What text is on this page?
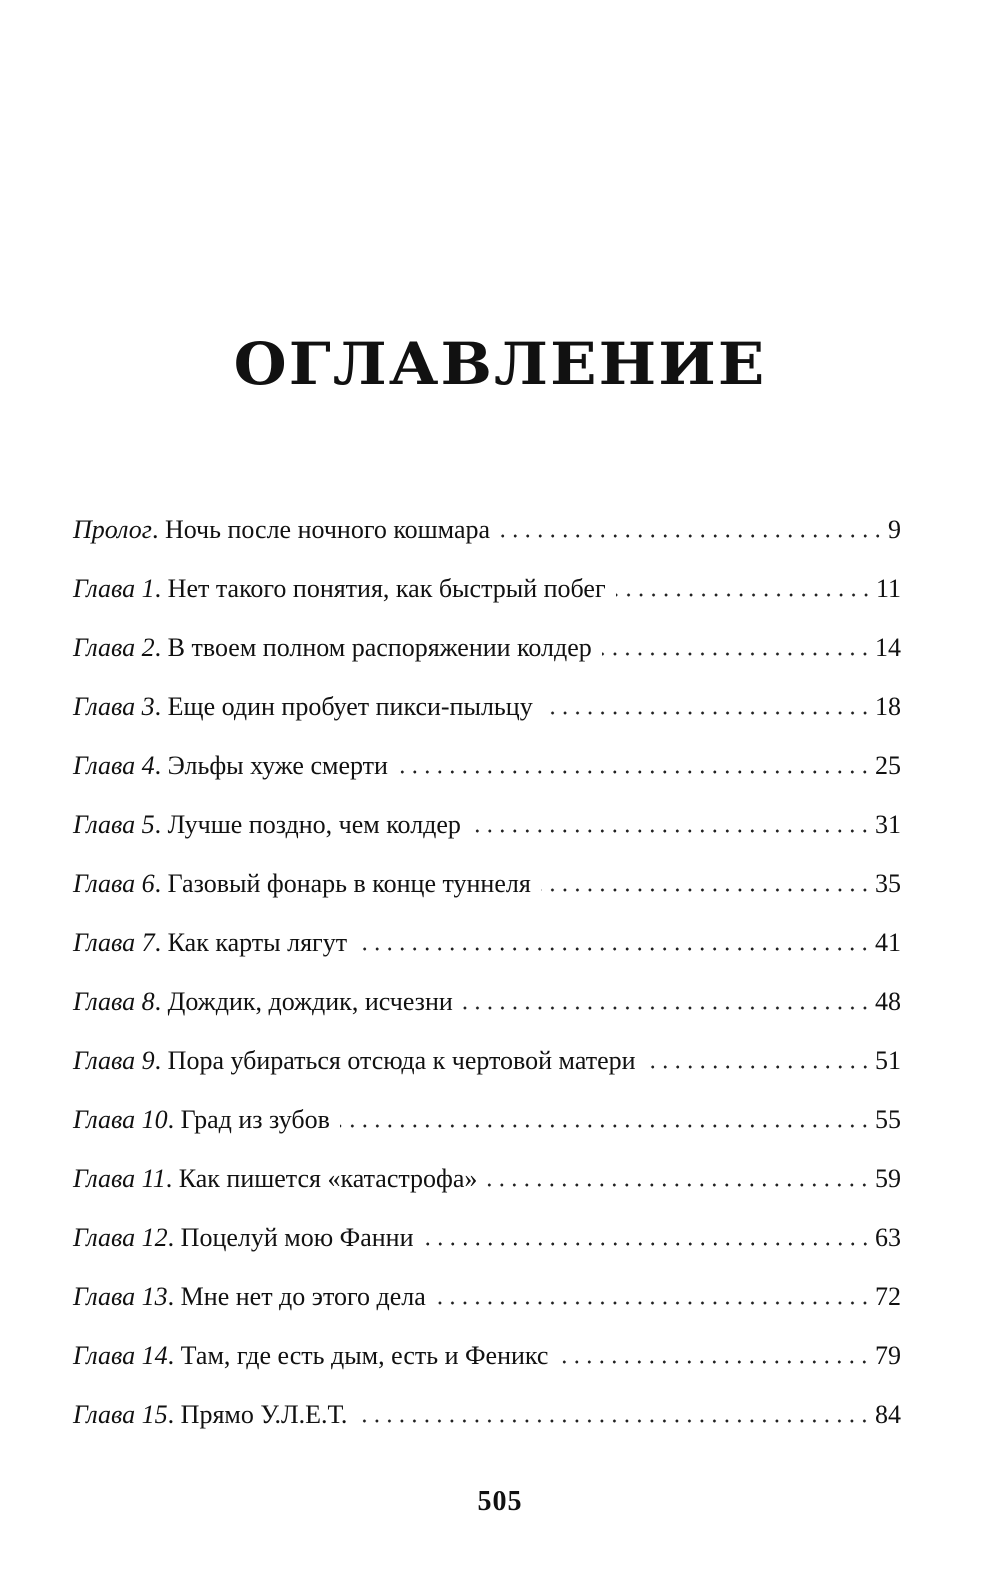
ОГЛАВЛЕНИЕ
Пролог . Ночь после ночного кошмара	9
Глава 1 . Нет такого понятия, как быстрый побег	11
Глава 2 . В твоем полном распоряжении колдер	14
Глава 3 . Еще один пробует пикси-пыльцу	18
Глава 4 . Эльфы хуже смерти	25
Глава 5 . Лучше поздно, чем колдер	31
Глава 6 . Газовый фонарь в конце туннеля	35
Глава 7 . Как карты лягут	41
Глава 8 . Дождик, дождик, исчезни	48
Глава 9 . Пора убираться отсюда к чертовой матери	51
Глава 10 . Град из зубов	55
Глава 11 . Как пишется «катастрофа»	59
Глава 12 . Поцелуй мою Фанни	63
Глава 13 . Мне нет до этого дела	72
Глава 14 . Там, где есть дым, есть и Феникс	79
Глава 15 . Прямо У.Л.Е.Т.	84
505
